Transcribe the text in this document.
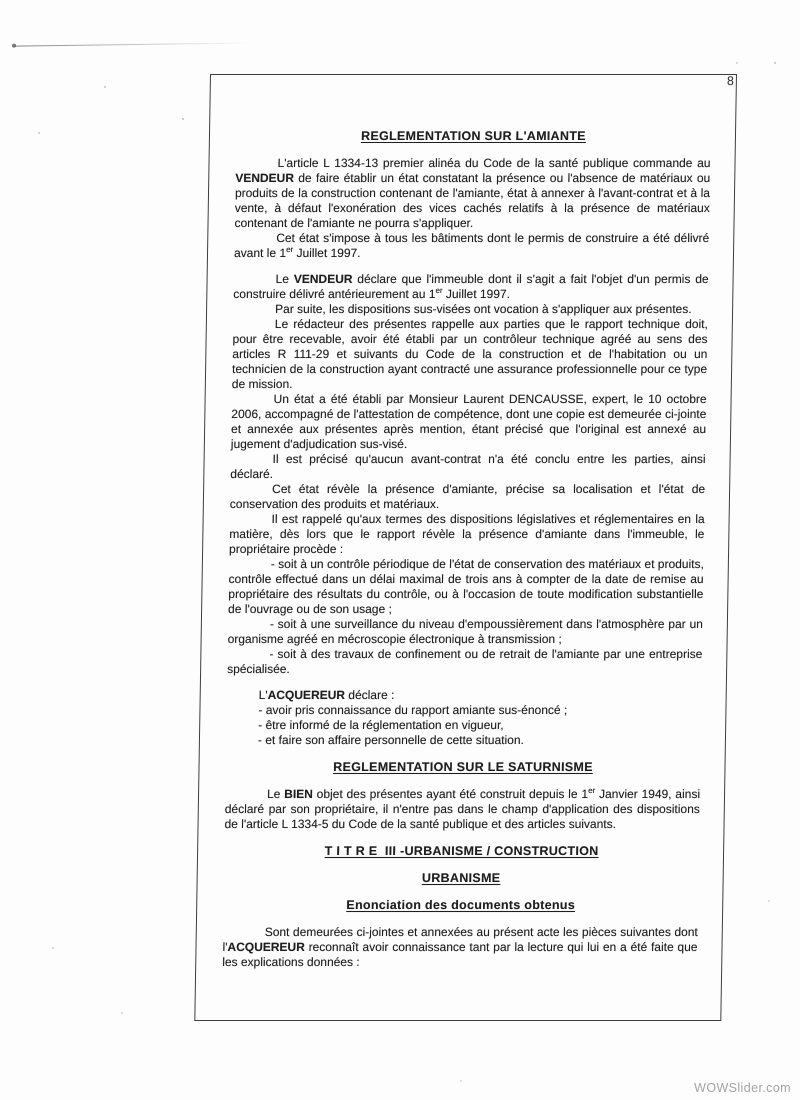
8
REGLEMENTATION SUR L'AMIANTE
L'article L 1334-13 premier alinéa du Code de la santé publique commande au VENDEUR de faire établir un état constatant la présence ou l'absence de matériaux ou produits de la construction contenant de l'amiante, état à annexer à l'avant-contrat et à la vente, à défaut l'exonération des vices cachés relatifs à la présence de matériaux contenant de l'amiante ne pourra s'appliquer.
Cet état s'impose à tous les bâtiments dont le permis de construire a été délivré avant le 1er Juillet 1997.
Le VENDEUR déclare que l'immeuble dont il s'agit a fait l'objet d'un permis de construire délivré antérieurement au 1er Juillet 1997.
Par suite, les dispositions sus-visées ont vocation à s'appliquer aux présentes.
Le rédacteur des présentes rappelle aux parties que le rapport technique doit, pour être recevable, avoir été établi par un contrôleur technique agréé au sens des articles R 111-29 et suivants du Code de la construction et de l'habitation ou un technicien de la construction ayant contracté une assurance professionnelle pour ce type de mission.
Un état a été établi par Monsieur Laurent DENCAUSSE, expert, le 10 octobre 2006, accompagné de l'attestation de compétence, dont une copie est demeurée ci-jointe et annexée aux présentes après mention, étant précisé que l'original est annexé au jugement d'adjudication sus-visé.
Il est précisé qu'aucun avant-contrat n'a été conclu entre les parties, ainsi déclaré.
Cet état révèle la présence d'amiante, précise sa localisation et l'état de conservation des produits et matériaux.
Il est rappelé qu'aux termes des dispositions législatives et réglementaires en la matière, dès lors que le rapport révèle la présence d'amiante dans l'immeuble, le propriétaire procède :
- soit à un contrôle périodique de l'état de conservation des matériaux et produits, contrôle effectué dans un délai maximal de trois ans à compter de la date de remise au propriétaire des résultats du contrôle, ou à l'occasion de toute modification substantielle de l'ouvrage ou de son usage ;
- soit à une surveillance du niveau d'empoussièrement dans l'atmosphère par un organisme agréé en mécroscopie électronique à transmission ;
- soit à des travaux de confinement ou de retrait de l'amiante par une entreprise spécialisée.
L'ACQUEREUR déclare :
- avoir pris connaissance du rapport amiante sus-énoncé ;
- être informé de la réglementation en vigueur,
- et faire son affaire personnelle de cette situation.
REGLEMENTATION SUR LE SATURNISME
Le BIEN objet des présentes ayant été construit depuis le 1er Janvier 1949, ainsi déclaré par son propriétaire, il n'entre pas dans le champ d'application des dispositions de l'article L 1334-5 du Code de la santé publique et des articles suivants.
T I T R E  III -URBANISME / CONSTRUCTION
URBANISME
Enonciation des documents obtenus
Sont demeurées ci-jointes et annexées au présent acte les pièces suivantes dont l'ACQUEREUR reconnaît avoir connaissance tant par la lecture qui lui en a été faite que les explications données :
WOWSlider.com
